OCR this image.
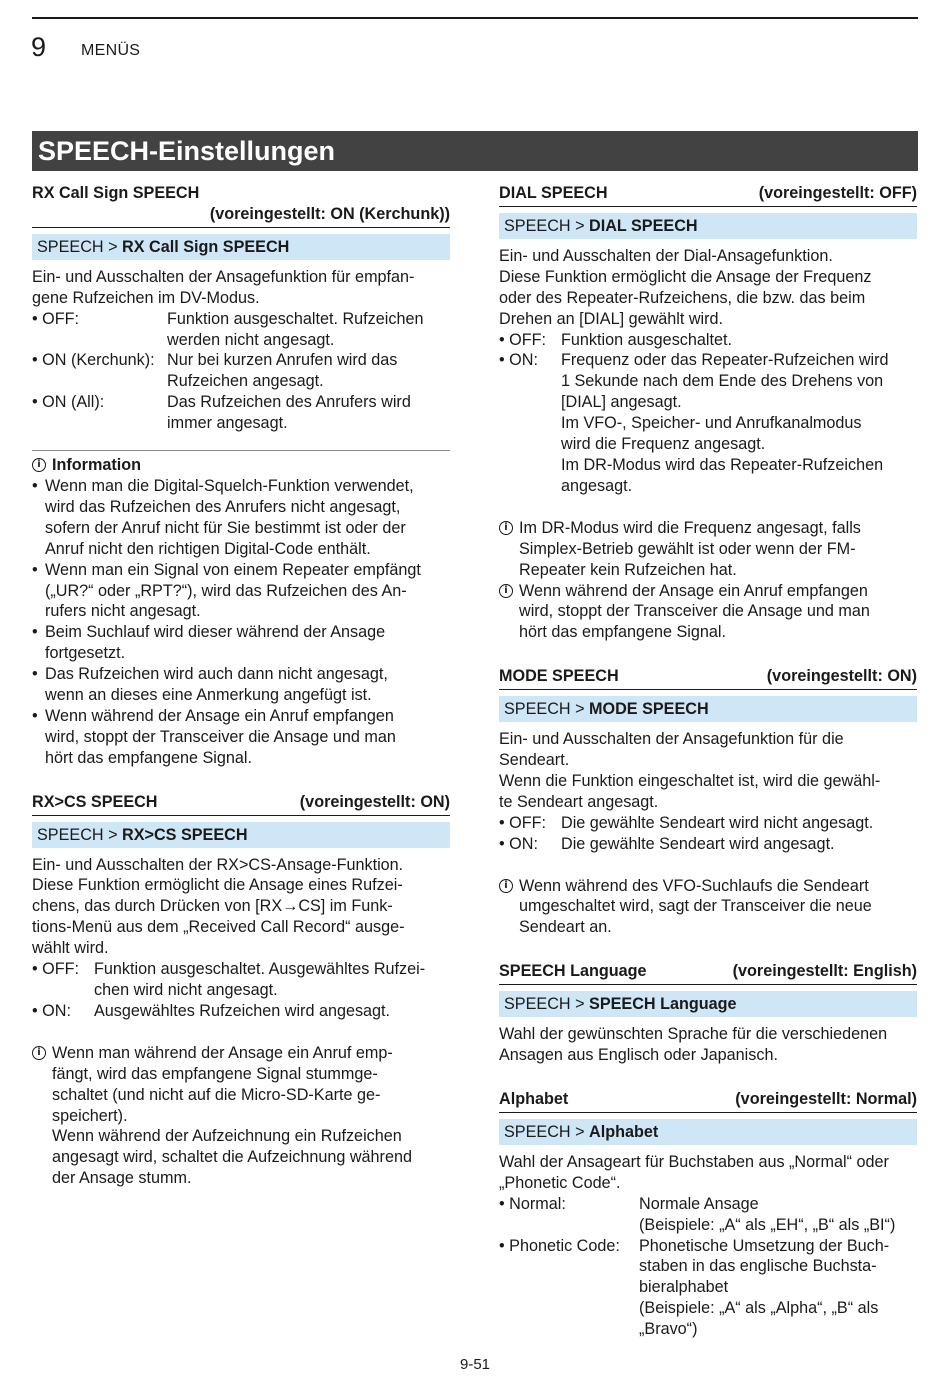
9 MENÜS
SPEECH-Einstellungen
RX Call Sign SPEECH
(voreingestellt: ON (Kerchunk))
SPEECH > RX Call Sign SPEECH

Ein- und Ausschalten der Ansagefunktion für empfan-

gene Rufzeichen im DV-Modus.

• OFF:	Funktion ausgeschaltet. Rufzeichen

werden nicht angesagt.

• ON (Kerchunk): Nur bei kurzen Anrufen wird das

Rufzeichen angesagt.

• ON (All):	Das Rufzeichen des Anrufers wird

immer angesagt.

i Information
• Wenn man die Digital-Squelch-Funktion verwendet,

wird das Rufzeichen des Anrufers nicht angesagt,

sofern der Anruf nicht für Sie bestimmt ist oder der

Anruf nicht den richtigen Digital-Code enthält.

• Wenn man ein Signal von einem Repeater empfängt

(„UR?“ oder „RPT?“), wird das Rufzeichen des An-

rufers nicht angesagt.

• Beim Suchlauf wird dieser während der Ansage

fortgesetzt.

• Das Rufzeichen wird auch dann nicht angesagt,

wenn an dieses eine Anmerkung angefügt ist.

• Wenn während der Ansage ein Anruf empfangen

wird, stoppt der Transceiver die Ansage und man

hört das empfangene Signal.

RX>CS SPEECH	(voreingestellt: ON)
SPEECH > RX>CS SPEECH

Ein- und Ausschalten der RX>CS-Ansage-Funktion.

Diese Funktion ermöglicht die Ansage eines Rufzei-

chens, das durch Drücken von [RX→CS] im Funk-

tions-Menü aus dem „Received Call Record“ ausge-

wählt wird.

• OFF: Funktion ausgeschaltet. Ausgewähltes Rufzei-

chen wird nicht angesagt.

• ON:	Ausgewähltes Rufzeichen wird angesagt.

i Wenn man während der Ansage ein Anruf emp-

fängt, wird das empfangene Signal stummge-

schaltet (und nicht auf die Micro-SD-Karte ge-

speichert).

Wenn während der Aufzeichnung ein Rufzeichen

angesagt wird, schaltet die Aufzeichnung während

der Ansage stumm.

DIAL SPEECH	(voreingestellt: OFF)
SPEECH > DIAL SPEECH

Ein- und Ausschalten der Dial-Ansagefunktion.

Diese Funktion ermöglicht die Ansage der Frequenz

oder des Repeater-Rufzeichens, die bzw. das beim

Drehen an [DIAL] gewählt wird.

• OFF: Funktion ausgeschaltet.

• ON:	Frequenz oder das Repeater-Rufzeichen wird

1 Sekunde nach dem Ende des Drehens von

[DIAL] angesagt.

Im VFO-, Speicher- und Anrufkanalmodus

wird die Frequenz angesagt.

Im DR-Modus wird das Repeater-Rufzeichen

angesagt.

i Im DR-Modus wird die Frequenz angesagt, falls

Simplex-Betrieb gewählt ist oder wenn der FM-

Repeater kein Rufzeichen hat.

i Wenn während der Ansage ein Anruf empfangen

wird, stoppt der Transceiver die Ansage und man

hört das empfangene Signal.

MODE SPEECH	(voreingestellt: ON)
SPEECH > MODE SPEECH

Ein- und Ausschalten der Ansagefunktion für die

Sendeart.

Wenn die Funktion eingeschaltet ist, wird die gewähl-

te Sendeart angesagt.

• OFF: Die gewählte Sendeart wird nicht angesagt.

• ON:	Die gewählte Sendeart wird angesagt.

i Wenn während des VFO-Suchlaufs die Sendeart

umgeschaltet wird, sagt der Transceiver die neue

Sendeart an.

SPEECH Language	(voreingestellt: English)
SPEECH > SPEECH Language

Wahl der gewünschten Sprache für die verschiedenen

Ansagen aus Englisch oder Japanisch.

Alphabet	(voreingestellt: Normal)
SPEECH > Alphabet

Wahl der Ansageart für Buchstaben aus „Normal“ oder

„Phonetic Code“.

• Normal:	Normale Ansage

(Beispiele: „A“ als „EH“, „B“ als „BI“)

• Phonetic Code:	Phonetische Umsetzung der Buch-

staben in das englische Buchsta-

bieralphabet

(Beispiele: „A“ als „Alpha“, „B“ als

„Bravo“)

9-51
